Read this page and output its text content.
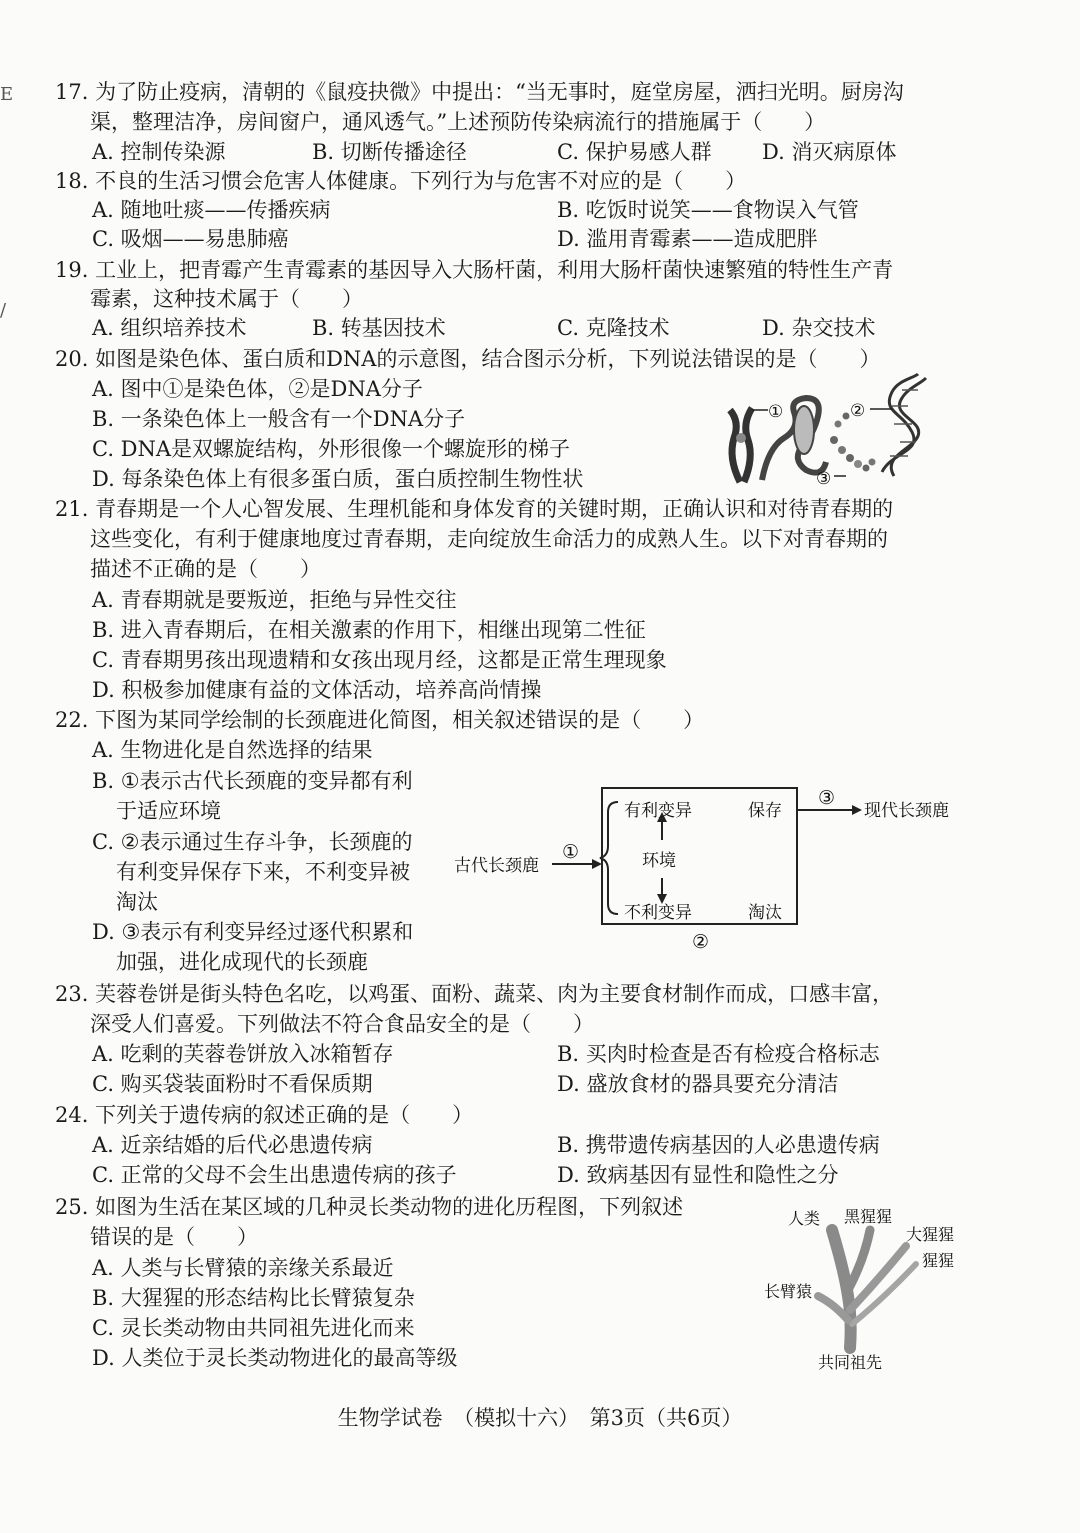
E
/
17. 为了防止疫病，清朝的《鼠疫抉微》中提出：“当无事时，庭堂房屋，洒扫光明。厨房沟
渠，整理洁净，房间窗户，通风透气。”上述预防传染病流行的措施属于（　　）
A. 控制传染源	B. 切断传播途径	C. 保护易感人群 D. 消灭病原体
18. 不良的生活习惯会危害人体健康。下列行为与危害不对应的是（　　）
A. 随地吐痰——传播疾病	B. 吃饭时说笑——食物误入气管
C. 吸烟——易患肺癌	D. 滥用青霉素——造成肥胖
19. 工业上，把青霉产生青霉素的基因导入大肠杆菌，利用大肠杆菌快速繁殖的特性生产青
霉素，这种技术属于（　　）
A. 组织培养技术	B. 转基因技术	C. 克隆技术	D. 杂交技术
20. 如图是染色体、蛋白质和DNA的示意图，结合图示分析，下列说法错误的是（　　）
A. 图中①是染色体，②是DNA分子
B. 一条染色体上一般含有一个DNA分子
C. DNA是双螺旋结构，外形很像一个螺旋形的梯子
D. 每条染色体上有很多蛋白质，蛋白质控制生物性状
①	②
③
21. 青春期是一个人心智发展、生理机能和身体发育的关键时期，正确认识和对待青春期的
这些变化，有利于健康地度过青春期，走向绽放生命活力的成熟人生。以下对青春期的
描述不正确的是（　　）
A. 青春期就是要叛逆，拒绝与异性交往
B. 进入青春期后，在相关激素的作用下，相继出现第二性征
C. 青春期男孩出现遗精和女孩出现月经，这都是正常生理现象
D. 积极参加健康有益的文体活动，培养高尚情操
22. 下图为某同学绘制的长颈鹿进化简图，相关叙述错误的是（　　）
A. 生物进化是自然选择的结果
B. ①表示古代长颈鹿的变异都有利
于适应环境
C. ②表示通过生存斗争，长颈鹿的
有利变异保存下来，不利变异被
淘汰
D. ③表示有利变异经过逐代积累和
加强，进化成现代的长颈鹿
古代长颈鹿
①
有利变异	保存
环境
不利变异	淘汰
③
现代长颈鹿
②
23. 芙蓉卷饼是街头特色名吃，以鸡蛋、面粉、蔬菜、肉为主要食材制作而成，口感丰富，
深受人们喜爱。下列做法不符合食品安全的是（　　）
A. 吃剩的芙蓉卷饼放入冰箱暂存	B. 买肉时检查是否有检疫合格标志
C. 购买袋装面粉时不看保质期	D. 盛放食材的器具要充分清洁
24. 下列关于遗传病的叙述正确的是（　　）
A. 近亲结婚的后代必患遗传病	B. 携带遗传病基因的人必患遗传病
C. 正常的父母不会生出患遗传病的孩子	D. 致病基因有显性和隐性之分
25. 如图为生活在某区域的几种灵长类动物的进化历程图，下列叙述
错误的是（　　）
A. 人类与长臂猿的亲缘关系最近
B. 大猩猩的形态结构比长臂猿复杂
C. 灵长类动物由共同祖先进化而来
D. 人类位于灵长类动物进化的最高等级
人类 黑猩猩
大猩猩
猩猩
长臂猿
共同祖先
生物学试卷　（模拟十六）　第3页（共6页）
